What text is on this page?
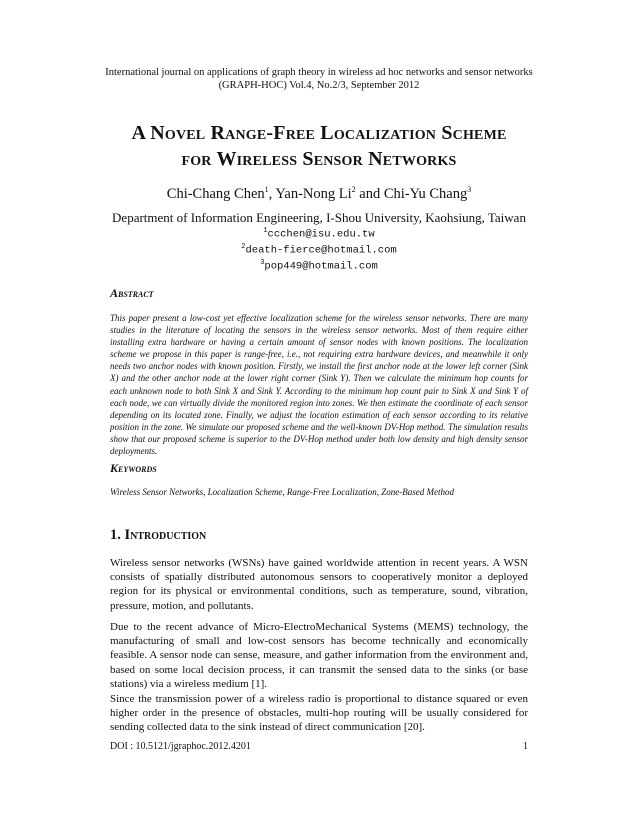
International journal on applications of graph theory in wireless ad hoc networks and sensor networks
(GRAPH-HOC) Vol.4, No.2/3, September 2012
A Novel Range-Free Localization Scheme
for Wireless Sensor Networks
Chi-Chang Chen$^1$, Yan-Nong Li$^2$ and Chi-Yu Chang$^3$
Department of Information Engineering, I-Shou University, Kaohsiung, Taiwan
$^1$ccchen@isu.edu.tw
$^2$death-fierce@hotmail.com
$^3$pop449@hotmail.com
Abstract
This paper present a low-cost yet effective localization scheme for the wireless sensor networks. There are many studies in the literature of locating the sensors in the wireless sensor networks. Most of them require either installing extra hardware or having a certain amount of sensor nodes with known positions. The localization scheme we propose in this paper is range-free, i.e., not requiring extra hardware devices, and meanwhile it only needs two anchor nodes with known position. Firstly, we install the first anchor node at the lower left corner (Sink X) and the other anchor node at the lower right corner (Sink Y). Then we calculate the minimum hop counts for each unknown node to both Sink X and Sink Y. According to the minimum hop count pair to Sink X and Sink Y of each node, we can virtually divide the monitored region into zones. We then estimate the coordinate of each sensor depending on its located zone. Finally, we adjust the location estimation of each sensor according to its relative position in the zone. We simulate our proposed scheme and the well-known DV-Hop method. The simulation results show that our proposed scheme is superior to the DV-Hop method under both low density and high density sensor deployments.
Keywords
Wireless Sensor Networks, Localization Scheme, Range-Free Localization, Zone-Based Method
1. Introduction
Wireless sensor networks (WSNs) have gained worldwide attention in recent years. A WSN consists of spatially distributed autonomous sensors to cooperatively monitor a deployed region for its physical or environmental conditions, such as temperature, sound, vibration, pressure, motion, and pollutants.
Due to the recent advance of Micro-ElectroMechanical Systems (MEMS) technology, the manufacturing of small and low-cost sensors has become technically and economically feasible. A sensor node can sense, measure, and gather information from the environment and, based on some local decision process, it can transmit the sensed data to the sinks (or base stations) via a wireless medium [1].
Since the transmission power of a wireless radio is proportional to distance squared or even higher order in the presence of obstacles, multi-hop routing will be usually considered for sending collected data to the sink instead of direct communication [20].
DOI : 10.5121/jgraphoc.2012.4201	1
